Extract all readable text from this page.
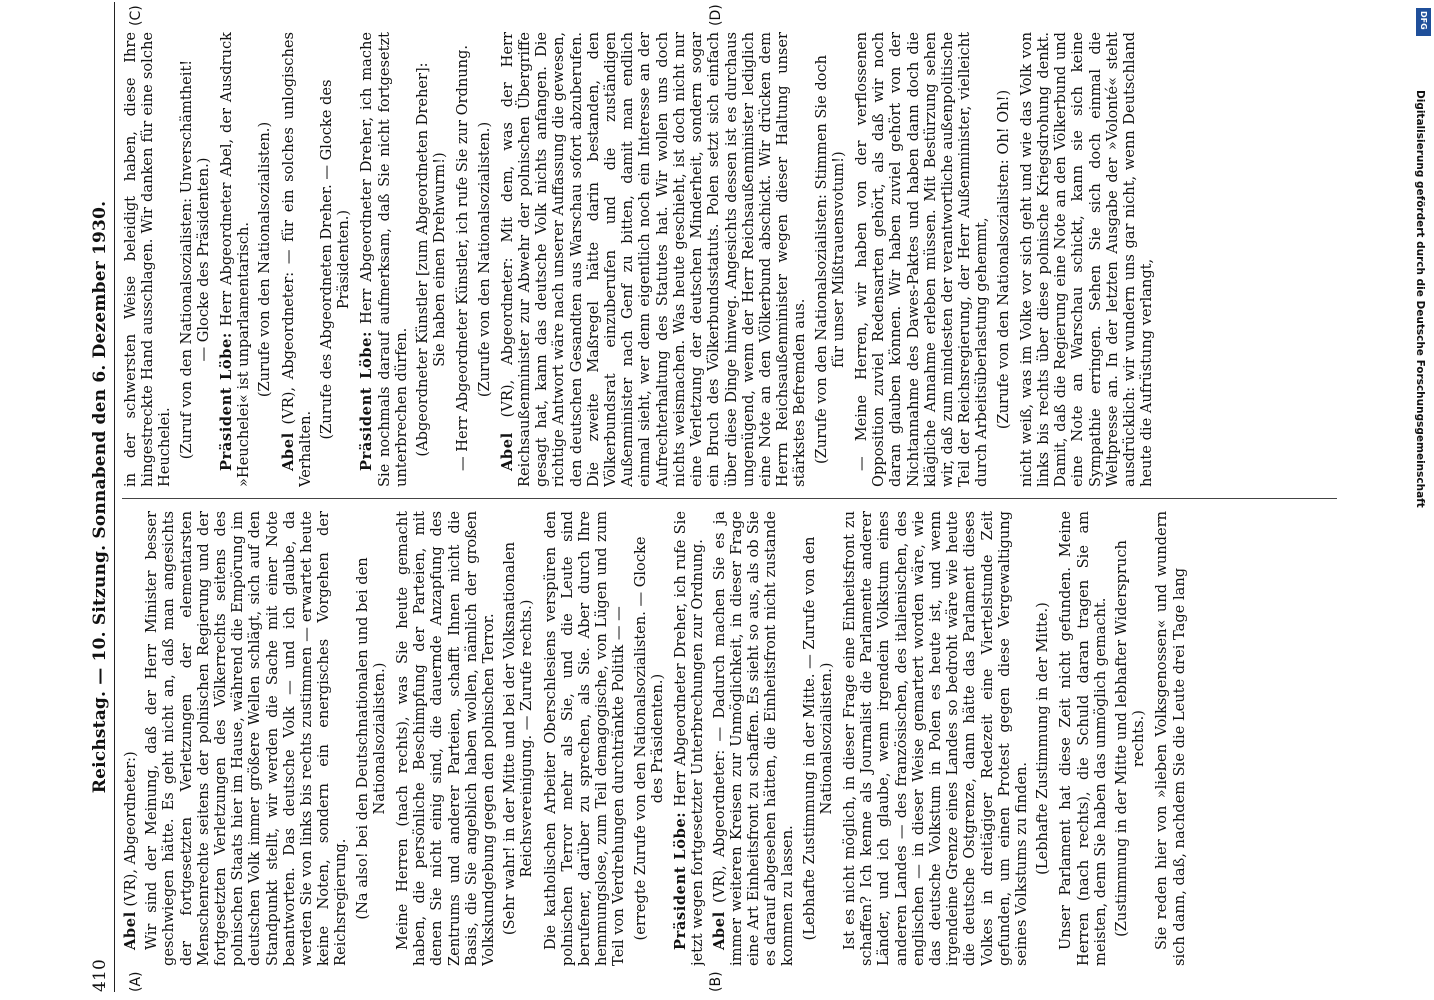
410
Reichstag. — 10. Sitzung. Sonnabend den 6. Dezember 1930.
(A)	(B)
(C)	(D)

Abel (VR), Abgeordneter:) Wir sind der Meinung, daß der Herr Minister besser geschwiegen hätte. Es geht nicht an, daß man angesichts der fortgesetzten Verletzungen der elementarsten Menschenrechte seitens der polnischen Regierung und der fortgesetzten Verletzungen des Völkerrechts seitens des polnischen Staats hier im Hause, während die Empörung im deutschen Volk immer größere Wellen schlägt, sich auf den Standpunkt stellt, wir werden die Sache mit einer Note beantworten. Das deutsche Volk — und ich glaube, da werden Sie von links bis rechts zustimmen — erwartet heute keine Noten, sondern ein energisches Vorgehen der Reichsregierung. (Na also! bei den Deutschnationalen und bei den Nationalsozialisten.) Meine Herren (nach rechts), was Sie heute gemacht haben, die persönliche Beschimpfung der Parteien, mit denen Sie nicht einig sind, die dauernde Anzapfung des Zentrums und anderer Parteien, schafft Ihnen nicht die Basis, die Sie angeblich haben wollen, nämlich der großen Volkskundgebung gegen den polnischen Terror. (Sehr wahr! in der Mitte und bei der Volksnationalen Reichsvereinigung. — Zurufe rechts.) Die katholischen Arbeiter Oberschlesiens verspüren den polnischen Terror mehr als Sie, und die Leute sind berufener, darüber zu sprechen, als Sie. Aber durch Ihre hemmungslose, zum Teil demagogische, von Lügen und zum Teil von Verdrehungen durchtränkte Politik — — (erregte Zurufe von den Nationalsozialisten. — Glocke des Präsidenten.)

Präsident Löbe: Herr Abgeordneter Dreher, ich rufe Sie jetzt wegen fortgesetzter Unterbrechungen zur Ordnung. Abel (VR), Abgeordneter: — Dadurch machen Sie es ja immer weiteren Kreisen zur Unmöglichkeit, in dieser Frage eine Art Einheitsfront zu schaffen. Es sieht so aus, als ob Sie es darauf abgesehen hätten, die Einheitsfront nicht zustande kommen zu lassen. (Lebhafte Zustimmung in der Mitte. — Zurufe von den Nationalsozialisten.) Ist es nicht möglich, in dieser Frage eine Einheitsfront zu schaffen? Ich kenne als Journalist die Parlamente anderer Länder, und ich glaube, wenn irgendein Volkstum eines anderen Landes — des französischen, des italienischen, des englischen — in dieser Weise gemartert worden wäre, wie das deutsche Volkstum in Polen es heute ist, und wenn irgendeine Grenze eines Landes so bedroht wäre wie heute die deutsche Ostgrenze, dann hätte das Parlament dieses Volkes in dreitägiger Redezeit eine Viertelstunde Zeit gefunden, um einen Protest gegen diese Vergewaltigung seines Volkstums zu finden. (Lebhafte Zustimmung in der Mitte.) Unser Parlament hat diese Zeit nicht gefunden. Meine Herren (nach rechts), die Schuld daran tragen Sie am meisten, denn Sie haben das unmöglich gemacht. (Zustimmung in der Mitte und lebhafter Widerspruch rechts.) Sie reden hier von »lieben Volksgenossen« und wundern sich dann, daß, nachdem Sie die Leute drei Tage lang

in der schwersten Weise beleidigt haben, diese Ihre hingestreckte Hand ausschlagen. Wir danken für eine solche Heuchelei. (Zuruf von den Nationalsozialisten: Unverschämtheit! — Glocke des Präsidenten.)

Präsident Löbe: Herr Abgeordneter Abel, der Ausdruck »Heuchelei« ist unparlamentarisch. (Zurufe von den Nationalsozialisten.)

Abel (VR), Abgeordneter: — für ein solches unlogisches Verhalten.

(Zurufe des Abgeordneten Dreher. — Glocke des Präsidenten.)

Präsident Löbe: Herr Abgeordneter Dreher, ich mache Sie nochmals darauf aufmerksam, daß Sie nicht fortgesetzt unterbrechen dürfen. (Abgeordneter Künstler [zum Abgeordneten Dreher]: Sie haben einen Drehwurm!) — Herr Abgeordneter Künstler, ich rufe Sie zur Ordnung. (Zurufe von den Nationalsozialisten.)

Abel (VR), Abgeordneter: Mit dem, was der Herr Reichsaußenminister zur Abwehr der polnischen Übergriffe gesagt hat, kann das deutsche Volk nichts anfangen. Die richtige Antwort wäre nach unserer Auffassung die gewesen, den deutschen Gesandten aus Warschau sofort abzuberufen. Die zweite Maßregel hätte darin bestanden, den Völkerbundsrat einzuberufen und die zuständigen Außenminister nach Genf zu bitten, damit man endlich einmal sieht, wer denn eigentlich noch ein Interesse an der Aufrechterhaltung des Statutes hat. Wir wollen uns doch nichts weismachen. Was heute geschieht, ist doch nicht nur eine Verletzung der deutschen Minderheit, sondern sogar ein Bruch des Völkerbundsstatuts. Polen setzt sich einfach über diese Dinge hinweg. Angesichts dessen ist es durchaus ungenügend, wenn der Herr Reichsaußenminister lediglich eine Note an den Völkerbund abschickt. Wir drücken dem Herrn Reichsaußenminister wegen dieser Haltung unser stärkstes Befremden aus. (Zurufe von den Nationalsozialisten: Stimmen Sie doch für unser Mißtrauensvotum!) — Meine Herren, wir haben von der verflossenen Opposition zuviel Redensarten gehört, als daß wir noch daran glauben können. Wir haben zuviel gehört von der Nichtannahme des Dawes-Paktes und haben dann doch die klägliche Annahme erleben müssen. Mit Bestürzung sehen wir, daß zum mindesten der verantwortliche außenpolitische Teil der Reichsregierung, der Herr Außenminister, vielleicht durch Arbeitsüberlastung gehemmt, (Zurufe von den Nationalsozialisten: Oh! Oh!) nicht weiß, was im Volke vor sich geht und wie das Volk von links bis rechts über diese polnische Kriegsdrohung denkt. Damit, daß die Regierung eine Note an den Völkerbund und eine Note an Warschau schickt, kann sie sich keine Sympathie erringen. Sehen Sie sich doch einmal die Weltpresse an. In der letzten Ausgabe der »Volonté« steht ausdrücklich: wir wundern uns gar nicht, wenn Deutschland heute die Aufrüstung verlangt,

DFG
Digitalisierung gefördert durch die Deutsche Forschungsgemeinschaft
